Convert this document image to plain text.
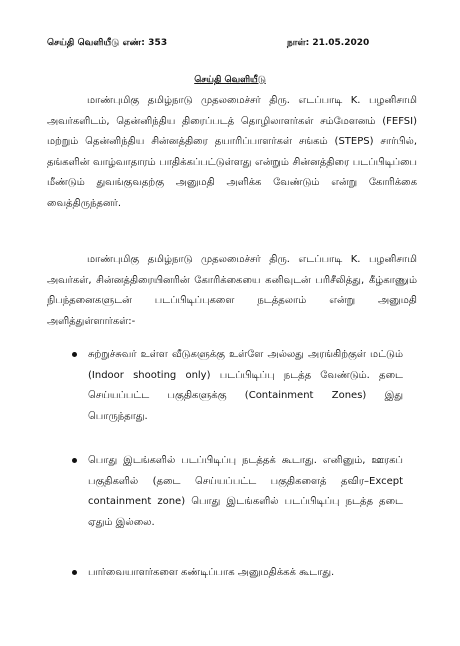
செய்தி வெளியீடு எண்: 353	நாள்: 21.05.2020
செய்தி வெளியீடு

மாண்புமிகு தமிழ்நாடு முதலமைச்சர் திரு. எடப்பாடி K. பழனிசாமி அவர்களிடம், தென்னிந்திய திரைப்படத் தொழிலாளர்கள் சம்மேளனம் (FEFSI) மற்றும் தென்னிந்திய சின்னத்திரை தயாரிப்பாளர்கள் சங்கம் (STEPS) சார்பில், தங்களின் வாழ்வாதாரம் பாதிக்கப்பட்டுள்ளது என்றும் சின்னத்திரை படப்பிடிப்பை மீண்டும் துவங்குவதற்கு அனுமதி அளிக்க வேண்டும் என்று கோரிக்கை வைத்திருந்தனர்.

மாண்புமிகு தமிழ்நாடு முதலமைச்சர் திரு. எடப்பாடி K. பழனிசாமி அவர்கள், சின்னத்திரையினரின் கோரிக்கையை கனிவுடன் பரிசீலித்து, கீழ்காணும் நிபந்தனைகளுடன் படப்பிடிப்புகளை நடத்தலாம் என்று அனுமதி அளித்துள்ளார்கள்:-

சுற்றுச்சுவர் உள்ள வீடுகளுக்கு உள்ளே அல்லது அரங்கிற்குள் மட்டும் (Indoor shooting only) படப்பிடிப்பு நடத்த வேண்டும். தடை செய்யப்பட்ட பகுதிகளுக்கு (Containment Zones) இது பொருந்தாது.
பொது இடங்களில் படப்பிடிப்பு நடத்தக் கூடாது. எனினும், ஊரகப் பகுதிகளில் (தடை செய்யப்பட்ட பகுதிகளைத் தவிர–Except containment zone) பொது இடங்களில் படப்பிடிப்பு நடத்த தடை ஏதும் இல்லை.
பார்வையாளர்களை கண்டிப்பாக அனுமதிக்கக் கூடாது.
